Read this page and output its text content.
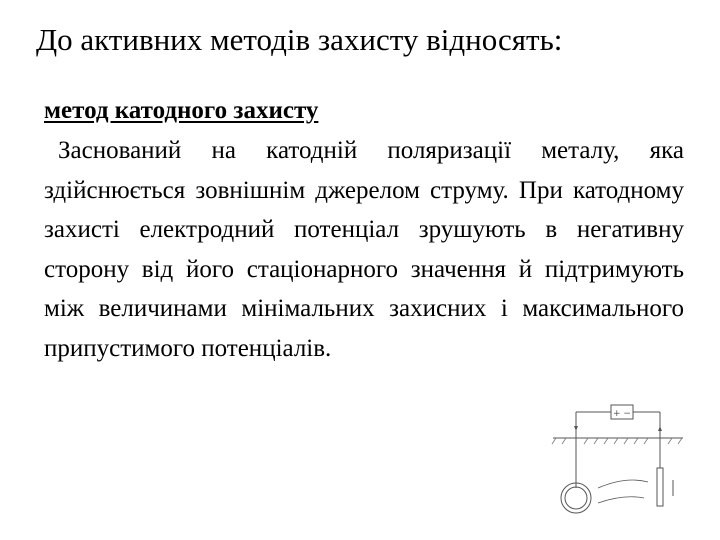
До активних методів захисту відносять:
метод катодного захисту

Заснований на катодній поляризації металу, яка здійснюється зовнішнім джерелом струму. При катодному захисті електродний потенціал зрушують в негативну сторону від його стаціонарного значення й підтримують між величинами мінімальних захисних і максимального припустимого потенціалів.

+ −
